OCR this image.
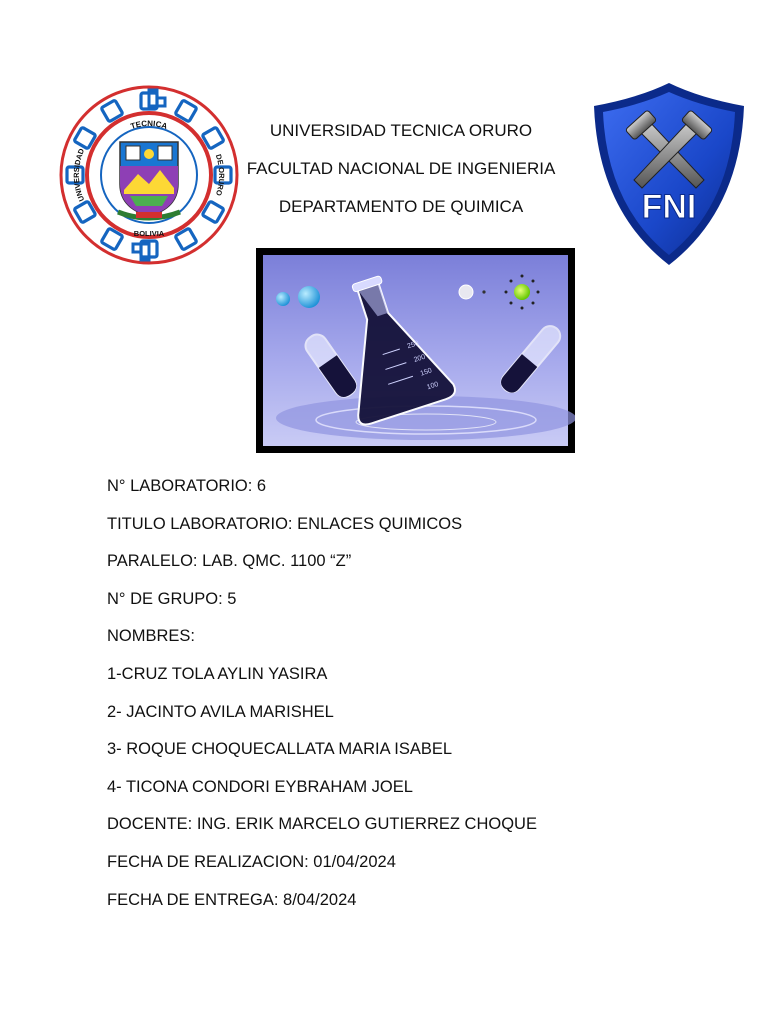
TECNICA
UNIVERSIDAD
DE ORURO
BOLIVIA
UNIVERSIDAD TECNICA ORURO
FACULTAD NACIONAL DE INGENIERIA
DEPARTAMENTO DE QUIMICA	FNI
250
200
150
100
N° LABORATORIO: 6
TITULO LABORATORIO: ENLACES QUIMICOS
PARALELO: LAB. QMC. 1100 “Z”
N° DE GRUPO: 5
NOMBRES:
1-CRUZ TOLA AYLIN YASIRA
2- JACINTO AVILA MARISHEL
3- ROQUE CHOQUECALLATA MARIA ISABEL
4- TICONA CONDORI EYBRAHAM JOEL
DOCENTE: ING. ERIK MARCELO GUTIERREZ CHOQUE
FECHA DE REALIZACION: 01/04/2024
FECHA DE ENTREGA: 8/04/2024
